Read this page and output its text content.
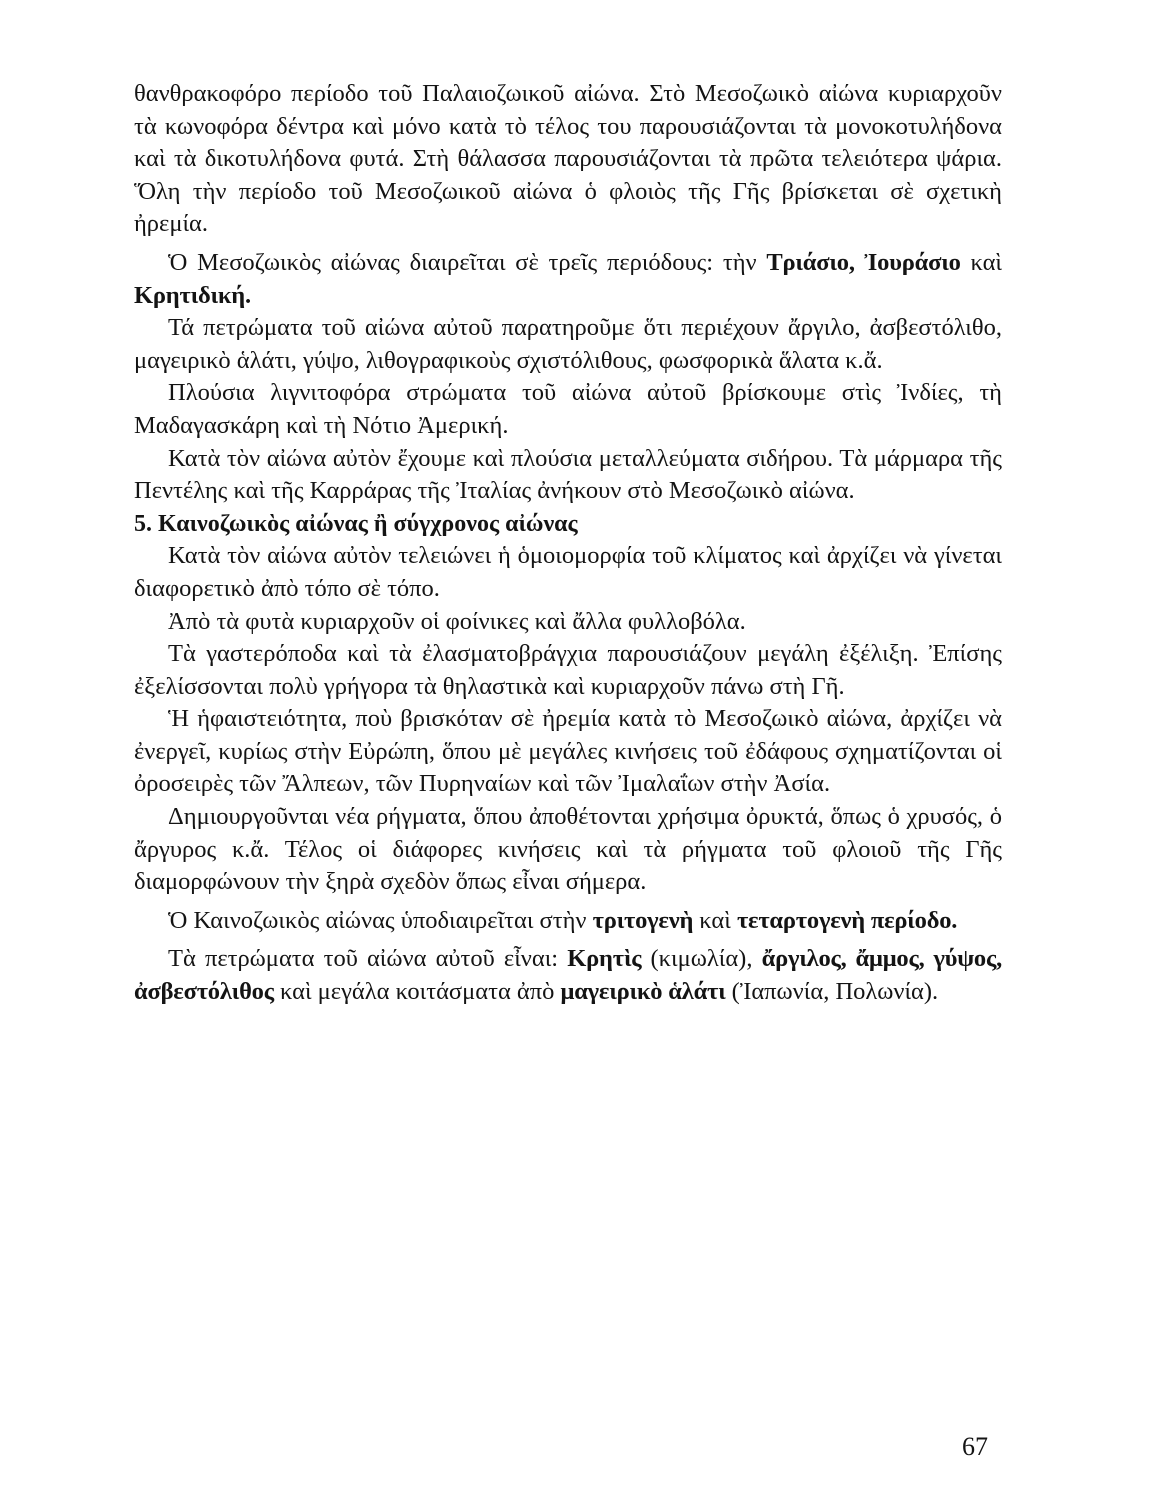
θανθρακοφόρο περίοδο τοῦ Παλαιοζωικοῦ αἰώνα. Στὸ Μεσοζωικὸ αἰώνα κυριαρχοῦν τὰ κωνοφόρα δέντρα καὶ μόνο κατὰ τὸ τέλος του παρουσιάζονται τὰ μονοκοτυλήδονα καὶ τὰ δικοτυλήδονα φυτά. Στὴ θάλασσα παρουσιάζονται τὰ πρῶτα τελειότερα ψάρια. Ὅλη τὴν περίοδο τοῦ Μεσοζωικοῦ αἰώνα ὁ φλοιὸς τῆς Γῆς βρίσκεται σὲ σχετικὴ ἠρεμία.

Ὁ Μεσοζωικὸς αἰώνας διαιρεῖται σὲ τρεῖς περιόδους: τὴν Τριάσιο, Ἰουράσιο καὶ Κρητιδική.

Τά πετρώματα τοῦ αἰώνα αὐτοῦ παρατηροῦμε ὅτι περιέχουν ἄργιλο, ἀσβεστόλιθο, μαγειρικὸ ἁλάτι, γύψο, λιθογραφικοὺς σχιστόλιθους, φωσφορικὰ ἅλατα κ.ἄ.

Πλούσια λιγνιτοφόρα στρώματα τοῦ αἰώνα αὐτοῦ βρίσκουμε στὶς Ἰνδίες, τὴ Μαδαγασκάρη καὶ τὴ Νότιο Ἀμερική.

Κατὰ τὸν αἰώνα αὐτὸν ἔχουμε καὶ πλούσια μεταλλεύματα σιδήρου. Τὰ μάρμαρα τῆς Πεντέλης καὶ τῆς Καρράρας τῆς Ἰταλίας ἀνήκουν στὸ Μεσοζωικὸ αἰώνα.

5. Καινοζωικὸς αἰώνας ἢ σύγχρονος αἰώνας

Κατὰ τὸν αἰώνα αὐτὸν τελειώνει ἡ ὁμοιομορφία τοῦ κλίματος καὶ ἀρχίζει νὰ γίνεται διαφορετικὸ ἀπὸ τόπο σὲ τόπο.

Ἀπὸ τὰ φυτὰ κυριαρχοῦν οἱ φοίνικες καὶ ἄλλα φυλλοβόλα.

Τὰ γαστερόποδα καὶ τὰ ἐλασματοβράγχια παρουσιάζουν μεγάλη ἐξέλιξη. Ἐπίσης ἐξελίσσονται πολὺ γρήγορα τὰ θηλαστικὰ καὶ κυριαρχοῦν πάνω στὴ Γῆ.

Ἡ ἡφαιστειότητα, ποὺ βρισκόταν σὲ ἠρεμία κατὰ τὸ Μεσοζωικὸ αἰώνα, ἀρχίζει νὰ ἐνεργεῖ, κυρίως στὴν Εὐρώπη, ὅπου μὲ μεγάλες κινήσεις τοῦ ἐδάφους σχηματίζονται οἱ ὀροσειρὲς τῶν Ἄλπεων, τῶν Πυρηναίων καὶ τῶν Ἰμαλαΐων στὴν Ἀσία.

Δημιουργοῦνται νέα ρήγματα, ὅπου ἀποθέτονται χρήσιμα ὀρυκτά, ὅπως ὁ χρυσός, ὁ ἄργυρος κ.ἄ. Τέλος οἱ διάφορες κινήσεις καὶ τὰ ρήγματα τοῦ φλοιοῦ τῆς Γῆς διαμορφώνουν τὴν ξηρὰ σχεδὸν ὅπως εἶναι σήμερα.

Ὁ Καινοζωικὸς αἰώνας ὑποδιαιρεῖται στὴν τριτογενὴ καὶ τεταρτογενὴ περίοδο.

Τὰ πετρώματα τοῦ αἰώνα αὐτοῦ εἶναι: Κρητὶς (κιμωλία), ἄργιλος, ἄμμος, γύψος, ἀσβεστόλιθος καὶ μεγάλα κοιτάσματα ἀπὸ μαγειρικὸ ἁλάτι (Ἰαπωνία, Πολωνία).

67
